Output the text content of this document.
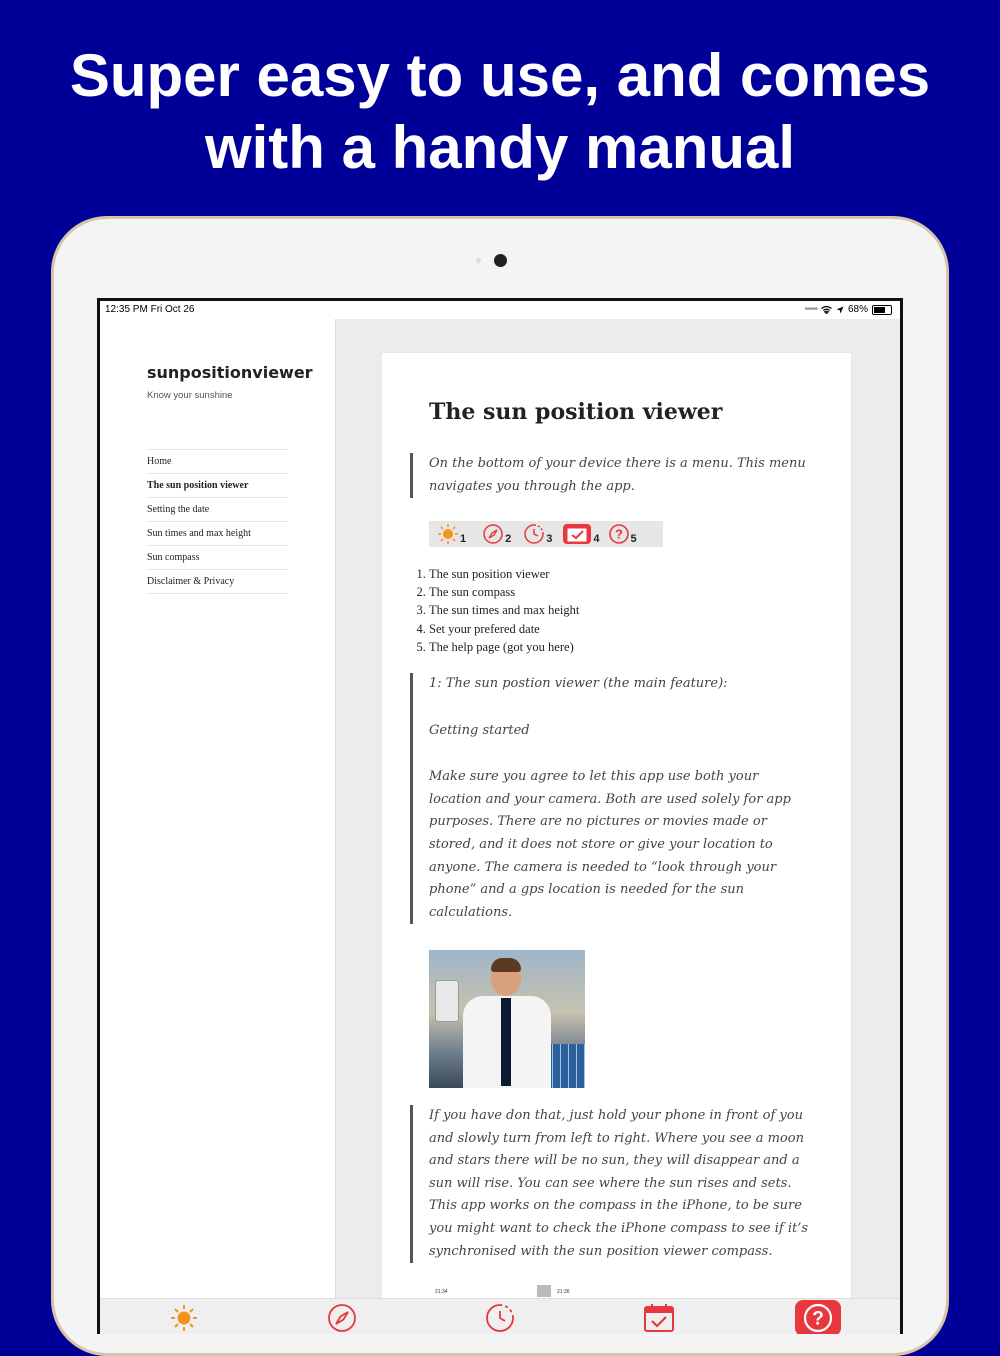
Super easy to use, and comes
with a handy manual
12:35 PM Fri Oct 26	•••••	68%
sunpositionviewer
Know your sunshine
Home
The sun position viewer
Setting the date
Sun times and max height
Sun compass
Disclaimer & Privacy
The sun position viewer
On the bottom of your device there is a menu. This menu navigates you through the app.
1	2	3	4 ? 5
1. The sun position viewer
2. The sun compass
3. The sun times and max height
4. Set your prefered date
5. The help page (got you here)

1: The sun postion viewer (the main feature):

Getting started

Make sure you agree to let this app use both your location and your camera. Both are used solely for app purposes. There are no pictures or movies made or stored, and it does not store or give your location to anyone. The camera is needed to “look through your phone” and a gps location is needed for the sun calculations.

If you have don that, just hold your phone in front of you and slowly turn from left to right. Where you see a moon and stars there will be no sun, they will disappear and a sun will rise. You can see where the sun rises and sets. This app works on the compass in the iPhone, to be sure you might want to check the iPhone compass to see if it’s synchronised with the sun position viewer compass.
21:34	21:36
?
